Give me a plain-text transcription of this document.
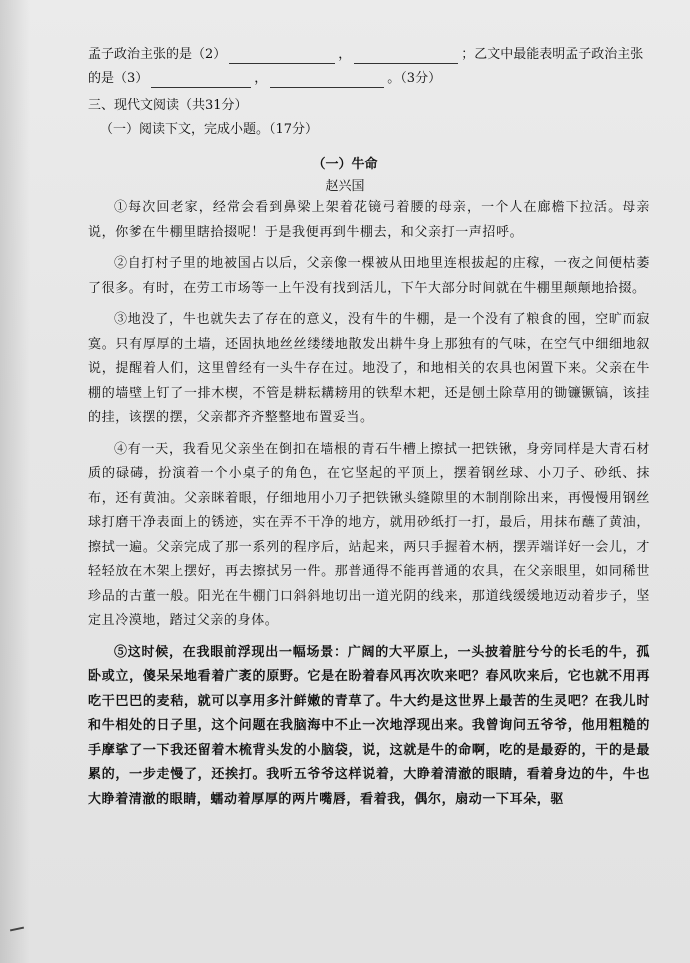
孟子政治主张的是（2）	，	；乙文中最能表明孟子政治主张
的是（3）	，	。（3分）
三、现代文阅读（共31分）
（一）阅读下文，完成小题。（17分）
（一）牛命
赵兴国

①每次回老家，经常会看到鼻梁上架着花镜弓着腰的母亲，一个人在廊檐下拉活。母亲说，你爹在牛棚里瞎拾掇呢！于是我便再到牛棚去，和父亲打一声招呼。

②自打村子里的地被国占以后，父亲像一棵被从田地里连根拔起的庄稼，一夜之间便枯萎了很多。有时，在劳工市场等一上午没有找到活儿，下午大部分时间就在牛棚里颠颠地拾掇。

③地没了，牛也就失去了存在的意义，没有牛的牛棚，是一个没有了粮食的囤，空旷而寂寞。只有厚厚的土墙，还固执地丝丝缕缕地散发出耕牛身上那独有的气味，在空气中细细地叙说，提醒着人们，这里曾经有一头牛存在过。地没了，和地相关的农具也闲置下来。父亲在牛棚的墙壁上钉了一排木楔，不管是耕耘耩耪用的铁犁木耙，还是刨土除草用的锄镰镢镐，该挂的挂，该摆的摆，父亲都齐齐整整地布置妥当。

④有一天，我看见父亲坐在倒扣在墙根的青石牛槽上擦拭一把铁锹，身旁同样是大青石材质的碌碡，扮演着一个小桌子的角色，在它坚起的平顶上，摆着钢丝球、小刀子、砂纸、抹布，还有黄油。父亲眯着眼，仔细地用小刀子把铁锹头缝隙里的木制削除出来，再慢慢用钢丝球打磨干净表面上的锈迹，实在弄不干净的地方，就用砂纸打一打，最后，用抹布蘸了黄油，擦拭一遍。父亲完成了那一系列的程序后，站起来，两只手握着木柄，摆弄端详好一会儿，才轻轻放在木架上摆好，再去擦拭另一件。那普通得不能再普通的农具，在父亲眼里，如同稀世珍品的古董一般。阳光在牛棚门口斜斜地切出一道光阴的线来，那道线缓缓地迈动着步子，坚定且冷漠地，踏过父亲的身体。

⑤这时候，在我眼前浮现出一幅场景：广阔的大平原上，一头披着脏兮兮的长毛的牛，孤卧或立，傻呆呆地看着广袤的原野。它是在盼着春风再次吹来吧？春风吹来后，它也就不用再吃干巴巴的麦秸，就可以享用多汁鲜嫩的青草了。牛大约是这世界上最苦的生灵吧？在我儿时和牛相处的日子里，这个问题在我脑海中不止一次地浮现出来。我曾询问五爷爷，他用粗糙的手摩挲了一下我还留着木梳背头发的小脑袋，说，这就是牛的命啊，吃的是最孬的，干的是最累的，一步走慢了，还挨打。我听五爷爷这样说着，大睁着清澈的眼睛，看着身边的牛，牛也大睁着清澈的眼睛，蠕动着厚厚的两片嘴唇，看着我，偶尔，扇动一下耳朵，驱
